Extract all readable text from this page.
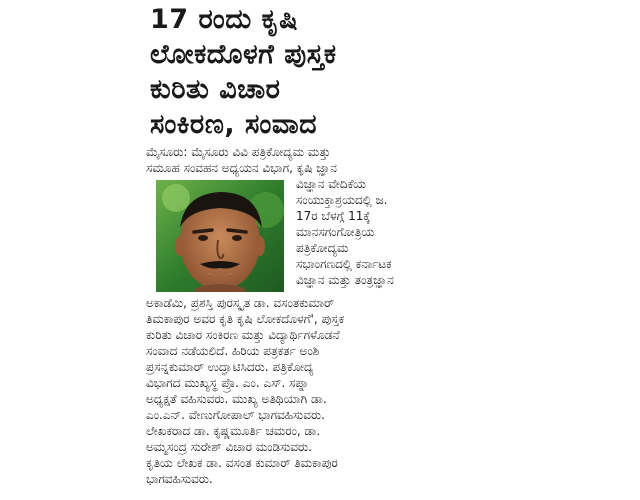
17 ರಂದು ಕೃಷಿ
ಲೋಕದೊಳಗೆ ಪುಸ್ತಕ
ಕುರಿತು ವಿಚಾರ
ಸಂಕಿರಣ, ಸಂವಾದ
ಮೈಸೂರು: ಮೈಸೂರು ವಿವಿ ಪತ್ರಿಕೋದ್ಯಮ ಮತ್ತು
ಸಮೂಹ ಸಂವಹನ ಅಧ್ಯಯನ ವಿಭಾಗ, ಕೃಷಿ ಜ್ಞಾನ
ವಿಜ್ಞಾನ ವೇದಿಕೆಯ
ಸಂಯುಕ್ತಾಶ್ರಯದಲ್ಲಿ ಜ.
17ರ ಬೆಳಗ್ಗೆ 11ಕ್ಕೆ
ಮಾನಸಗಂಗೋತ್ರಿಯ
ಪತ್ರಿಕೋದ್ಯಮ
ಸಭಾಂಗಣದಲ್ಲಿ ಕರ್ನಾಟಕ
ವಿಜ್ಞಾನ ಮತ್ತು ತಂತ್ರಜ್ಞಾನ
ಅಕಾಡೆಮಿ, ಪ್ರಶಸ್ತಿ ಪುರಸ್ಕೃತ ಡಾ. ವಸಂತಕುಮಾರ್
ತಿಮಕಾಪುರ ಅವರ ಕೃತಿ ಕೃಷಿ ಲೋಕದೊಳಗೆ', ಪುಸ್ತಕ
ಕುರಿತು ವಿಚಾರ ಸಂಕಿರಣ ಮತ್ತು ವಿದ್ಯಾರ್ಥಿಗಳೊಡನೆ
ಸಂವಾದ ನಡೆಯಲಿದೆ. ಹಿರಿಯ ಪತ್ರಕರ್ತ ಅಂಶಿ
ಪ್ರಸನ್ನಕುಮಾರ್ ಉದ್ಘಾಟಿಸಿದರು. ಪತ್ರಿಕೋದ್ಯ
ವಿಭಾಗದ ಮುಖ್ಯಸ್ಥ ಪ್ರೊ. ಎಂ. ಎಸ್. ಸಪ್ನಾ
ಅಧ್ಯಕ್ಷತೆ ವಹಿಸುವರು. ಮುಖ್ಯ ಅತಿಥಿಯಾಗಿ ಡಾ.
ಎಂ.ಎನ್. ವೇಣುಗೋಪಾಲ್ ಭಾಗವಹಿಸುವರು.
ಲೇಖಕರಾದ ಡಾ. ಕೃಷ್ಣಮೂರ್ತಿ ಚಮರಂ, ಡಾ.
ಅಮ್ಮಸಂದ್ರ ಸುರೇಶ್ ವಿಚಾರ ಮಂಡಿಸುವರು.
ಕೃತಿಯ ಲೇಖಕ ಡಾ. ವಸಂತ ಕುಮಾರ್ ತಿಮಕಾಪುರ
ಭಾಗವಹಿಸುವರು.
